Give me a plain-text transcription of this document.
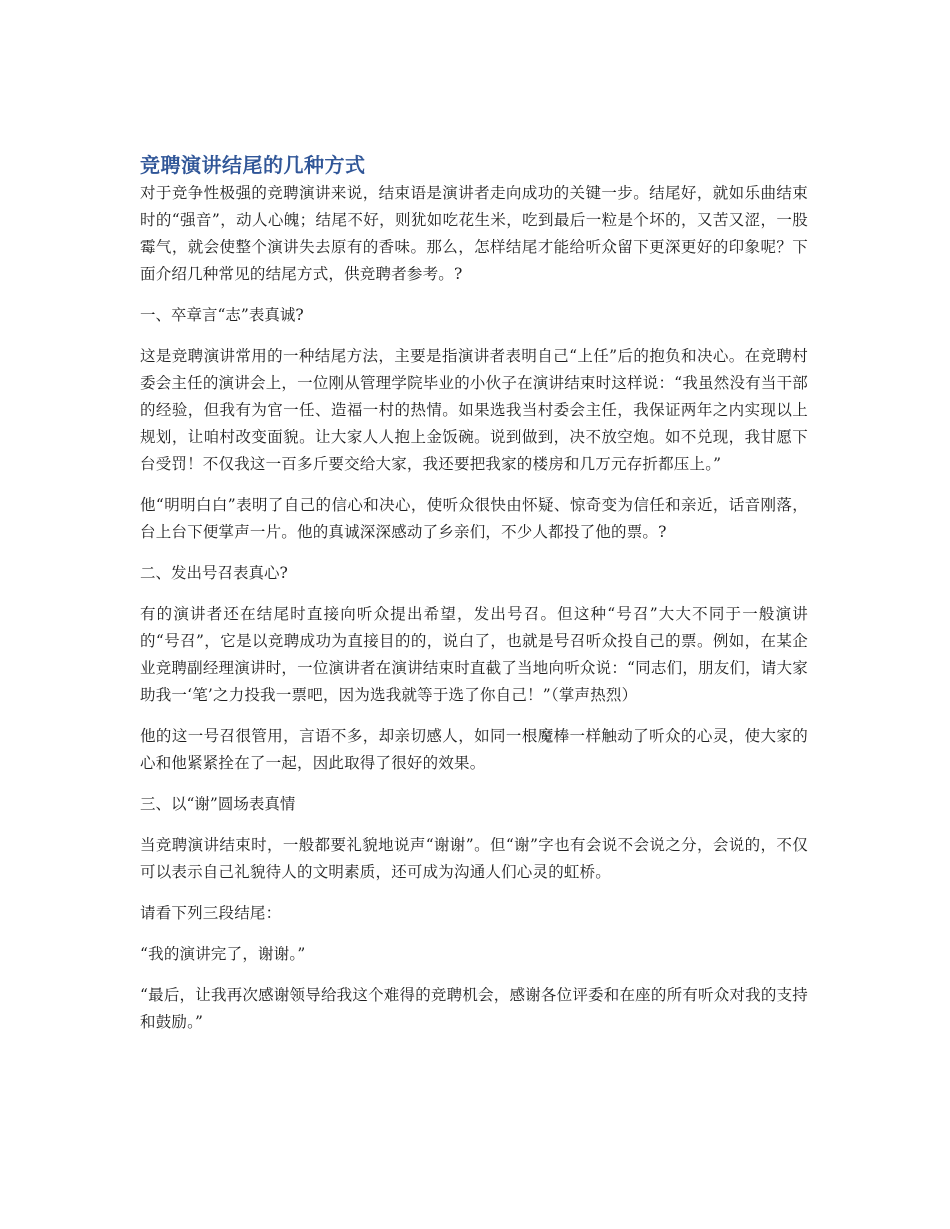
竞聘演讲结尾的几种方式

对于竞争性极强的竞聘演讲来说，结束语是演讲者走向成功的关键一步。结尾好，就如乐曲结束时的“强音”，动人心魄；结尾不好，则犹如吃花生米，吃到最后一粒是个坏的，又苦又涩，一股霉气，就会使整个演讲失去原有的香味。那么，怎样结尾才能给听众留下更深更好的印象呢？下面介绍几种常见的结尾方式，供竞聘者参考。?

一、卒章言“志”表真诚?

这是竞聘演讲常用的一种结尾方法，主要是指演讲者表明自己“上任”后的抱负和决心。在竞聘村委会主任的演讲会上，一位刚从管理学院毕业的小伙子在演讲结束时这样说：“我虽然没有当干部的经验，但我有为官一任、造福一村的热情。如果选我当村委会主任，我保证两年之内实现以上规划，让咱村改变面貌。让大家人人抱上金饭碗。说到做到，决不放空炮。如不兑现，我甘愿下台受罚！不仅我这一百多斤要交给大家，我还要把我家的楼房和几万元存折都压上。”

他“明明白白”表明了自己的信心和决心，使听众很快由怀疑、惊奇变为信任和亲近，话音刚落，台上台下便掌声一片。他的真诚深深感动了乡亲们，不少人都投了他的票。?

二、发出号召表真心?

有的演讲者还在结尾时直接向听众提出希望，发出号召。但这种“号召”大大不同于一般演讲的“号召”，它是以竞聘成功为直接目的的，说白了，也就是号召听众投自己的票。例如，在某企业竞聘副经理演讲时，一位演讲者在演讲结束时直截了当地向听众说：“同志们，朋友们，请大家助我一‘笔’之力投我一票吧，因为选我就等于选了你自己！”（掌声热烈）

他的这一号召很管用，言语不多，却亲切感人，如同一根魔棒一样触动了听众的心灵，使大家的心和他紧紧拴在了一起，因此取得了很好的效果。

三、以“谢”圆场表真情

当竞聘演讲结束时，一般都要礼貌地说声“谢谢”。但“谢”字也有会说不会说之分，会说的，不仅可以表示自己礼貌待人的文明素质，还可成为沟通人们心灵的虹桥。

请看下列三段结尾：

“我的演讲完了，谢谢。”

“最后，让我再次感谢领导给我这个难得的竞聘机会，感谢各位评委和在座的所有听众对我的支持和鼓励。”
